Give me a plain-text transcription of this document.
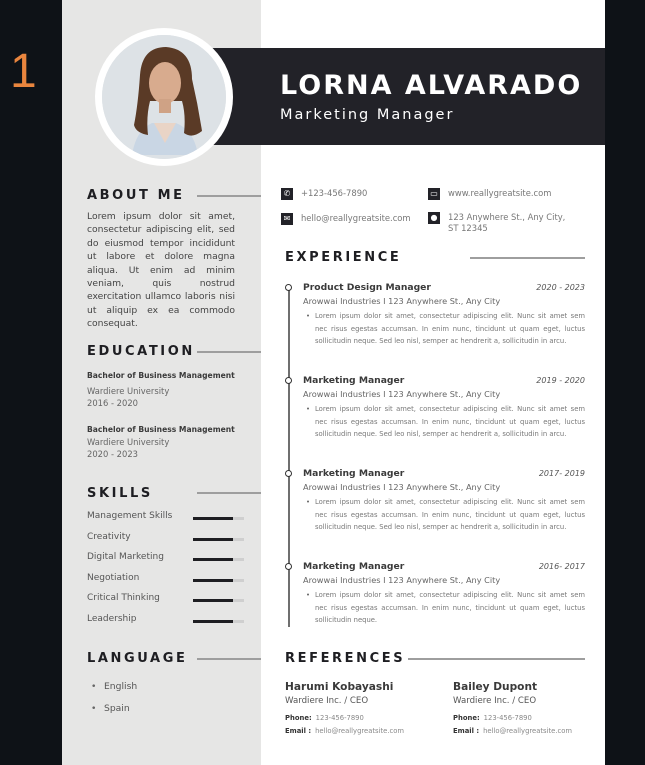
1	LORNA ALVARADO
Marketing Manager
ABOUT ME
Lorem ipsum dolor sit amet, consectetur adipiscing elit, sed do eiusmod tempor incididunt ut labore et dolore magna aliqua. Ut enim ad minim veniam, quis nostrud exercitation ullamco laboris nisi ut aliquip ex ea commodo consequat.
EDUCATION
Bachelor of Business Management
Wardiere University
2016 - 2020
Bachelor of Business Management
Wardiere University
2020 - 2023
SKILLS
Management Skills
Creativity
Digital Marketing
Negotiation
Critical Thinking
Leadership
LANGUAGE
• English
• Spain
✆	+123-456-7890
✉	hello@reallygreatsite.com
▭ www.reallygreatsite.com
● 123 Anywhere St., Any City,
ST 12345
EXPERIENCE
Product Design Manager	2020 - 2023
Arowwai Industries I 123 Anywhere St., Any City
• Lorem ipsum dolor sit amet, consectetur adipiscing elit. Nunc sit amet sem nec risus egestas accumsan. In enim nunc, tincidunt ut quam eget, luctus sollicitudin neque. Sed leo nisl, semper ac hendrerit a, sollicitudin in arcu.
Marketing Manager	2019 - 2020
Arowwai Industries I 123 Anywhere St., Any City
• Lorem ipsum dolor sit amet, consectetur adipiscing elit. Nunc sit amet sem nec risus egestas accumsan. In enim nunc, tincidunt ut quam eget, luctus sollicitudin neque. Sed leo nisl, semper ac hendrerit a, sollicitudin in arcu.
Marketing Manager	2017- 2019
Arowwai Industries I 123 Anywhere St., Any City
• Lorem ipsum dolor sit amet, consectetur adipiscing elit. Nunc sit amet sem nec risus egestas accumsan. In enim nunc, tincidunt ut quam eget, luctus sollicitudin neque. Sed leo nisl, semper ac hendrerit a, sollicitudin in arcu.
Marketing Manager	2016- 2017
Arowwai Industries I 123 Anywhere St., Any City
• Lorem ipsum dolor sit amet, consectetur adipiscing elit. Nunc sit amet sem nec risus egestas accumsan. In enim nunc, tincidunt ut quam eget, luctus sollicitudin neque.
REFERENCES
Harumi Kobayashi
Wardiere Inc. / CEO
Phone: 123-456-7890
Email : hello@reallygreatsite.com
Bailey Dupont
Wardiere Inc. / CEO
Phone: 123-456-7890
Email : hello@reallygreatsite.com
